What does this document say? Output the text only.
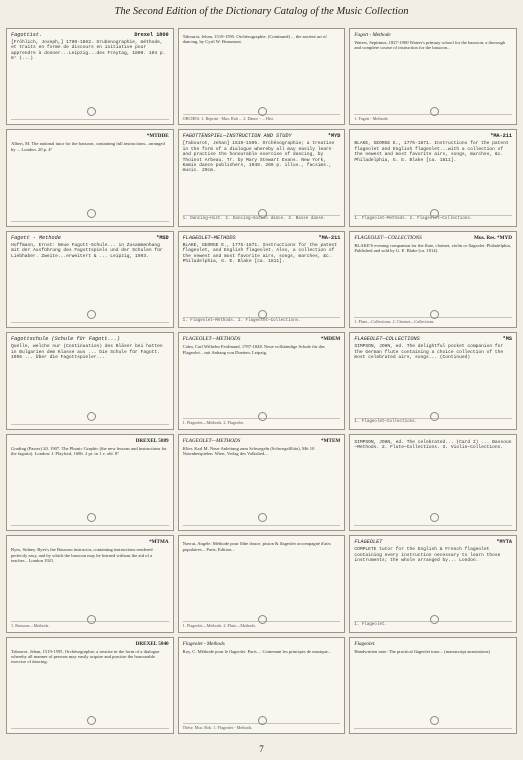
The Second Edition of the Dictionary Catalog of the Music Collection
Fagottist.	Drexel 1800
[Fröhlich, Joseph,] 1780-1862. Grubenographie, méthode, et traits en forme de discours en initiative pour apprendre à donner...Leipzig...des Freytag, 1800. 104 p. 8° (...)
Tabourot, Jehan, 1519-1595. Orchésographie. (Continued) ... the ancient art of dancing, by Cyril W. Beaumont.
ORCHES. 1. Reprint - Mus. Rob ... 2. Dance - ... Hist.
Fagott - Methode
Waters, Septimus, 1827-1900 Waters's primary school for the bassoon; a thorough and complete course of instruction for the bassoon...
1. Fagott - Methode.
*MTDDE
Albert, M. The national tutor for the bassoon, containing full instructions...arranged by ... London. 20 p. 4°
FAGOTTENSPIEL—INSTRUCTION AND STUDY	*MYD
[Tabourot, Jehan] 1519-1595. Orchésographie; a treatise in the form of a dialogue whereby all may easily learn and practise the honourable exercise of dancing, by Thoinot Arbeau. Tr. by Mary Stewart Evans. New York, Kamin dance publishers, 1948. 266 p. illus., facsims., music. 29cm.
1. Dancing—Hist. 2. Dancing—Social dance. 3. Basse danse.
*MA-211
BLAKE, GEORGE E., 1775-1871. Instructions for the patent flageolet and English flageolet...with a collection of the newest and most favorite airs, songs, marches, &c. Philadelphia, G. E. Blake [ca. 1811].
1. Flageolet—Methods. 2. Flageolet—Collections.
Fagott - Methode	*MSD
Hoffmann, Ernst: Neue Fagott-Schule... in Zusammenhang mit der Ausführung des Fagottspiels und der Schulen für Liebhaber. Zweite...erweitert & ... Leipzig, 1903.
FLAGEOLET—METHODS	*MA-211
BLAKE, GEORGE E., 1775-1871. Instructions for the patent flageolet, and English flageolet. Also, a collection of the newest and most favorite airs, songs, marches, &c. Philadelphia, G. E. Blake [ca. 1811].
1. Flageolet—Methods. 2. Flageolet—Collections.
FLAGEOLET—COLLECTIONS	Mus. Res. *MYD
BLAKE'S evening companion for the flute, clarinet, violin or flageolet. Philadelphia, Published and sold by G. E. Blake [ca. 1814].
1. Flute—Collections. 2. Clarinet—Collections.
Fagottschule (Schule für Fagott...)
Quelle, welche nur (Continuation) des Bläser bei hatten in Bulgarien dem Klasse aus ... Die Schule für Fagott. 1955 ... Über die Fagottspieler...
FLAGEOLET—METHODS	*MDEM
Cohn, Carl Wilhelm Ferdinand, 1787-1848. Neue vollständige Schule für das Flageolet... mit Anhang von Duetten. Leipzig.
1. Flageolet—Methods. 2. Flageolet.
FLAGEOLET—COLLECTIONS	*MS
SIMPSON, JOHN, ed. The delightful pocket companion for the German flute containing a choice collection of the most celebrated airs, songs... (Continued)
1. Flageolet—Collections.
DREXEL 5889
Grading (Passer) 20. 1907. The Phonic Graphic (the new lessons and instructions for the fagotto). London: J. Playford, 1686. 2 pt. in 1 v. obl. 8°
FLAGEOLET—METHODS	*MTEM
Klier, Karl M. Neue Anleitung zum Schwegeln (Schwegelflöte), Mit 10 Notenbeispielen. Wien, Verlag des Volkslied...
SIMPSON, JOHN, ed. The celebrated... (Card 2) ... Bassoon—Methods. 2. Flute—Collections. 3. Violin—Collections.
*MTMA
Byes, Sidney. Byes's the Bassoon instructor, containing instructions rendered perfectly easy, and by which the bassoon may be learned without the aid of a teacher... London 1921.
1. Bassoon—Methods.
Navrat, Angele. Méthode pour flûte douce, piston & flageolet accompagné d'airs populaires... Paris, Edition...
1. Flageolet—Methods. 2. Flute—Methods.
FLAGEOLET	*MYTA
COMPLETE tutor for the English & French flageolet containing every instruction necessary to learn those instruments; the whole arranged by... London.
1. Flageolet.
DREXEL 5840
Tabourot, Jehan, 1519-1595. Orchésographie; a treatise in the form of a dialogue whereby all manner of persons may easily acquire and practise the honourable exercise of dancing.
Flageolet - Methods
Roy, C. Méthode pour le flageolet. Paris ... Contenant les principes de musique...
Thèse. Mus. Rob. 1. Flageolet - Methods.
Flageolet.
Handwritten note: The practical flageolet tutor... (manuscript annotations)
7
